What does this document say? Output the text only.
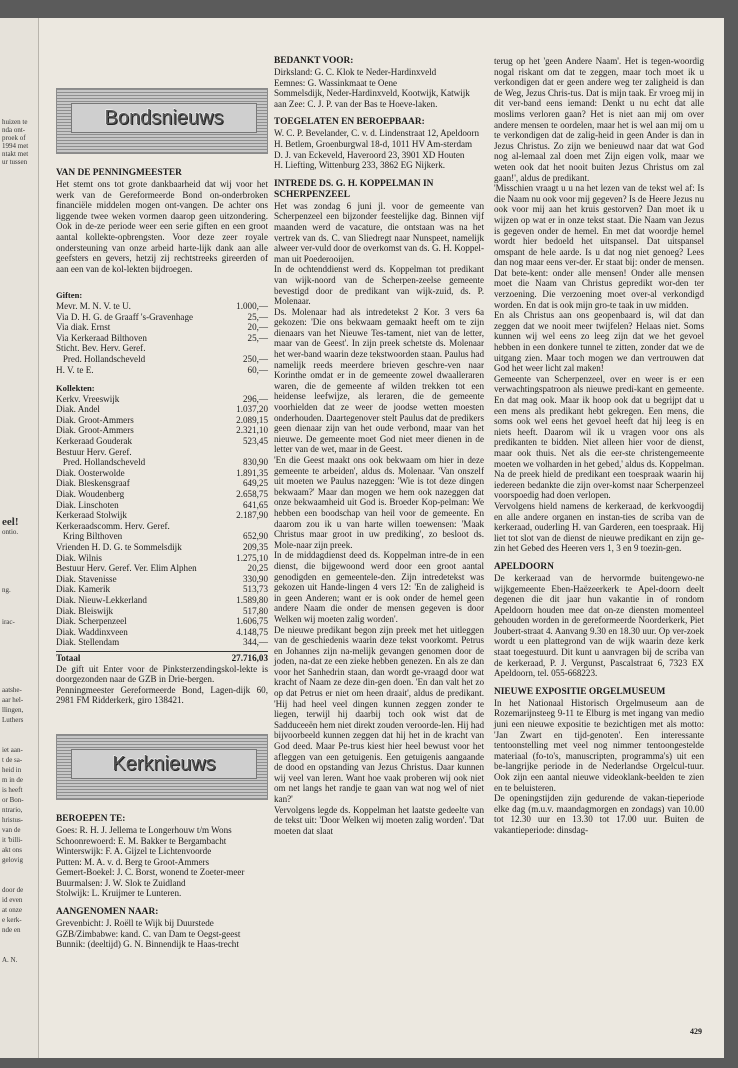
huizen te
nda ont-
proek of
1994 met
ntakt met
ur tussen
eel!
ontio.
ng.
irac-
aatshe-
aar hel-
llingen,
Luthers
iet aan-
t de sa-
heid in
m in de
is heeft
or Bon-
ntrario,
hristus-
van de
it 'billi-
akt ons
gelovig
door de
id even
at onze
e kerk-
nde en
A. N.
Bondsnieuws

VAN DE PENNINGMEESTER

Het stemt ons tot grote dankbaarheid dat wij voor het werk van de Gereformeerde Bond on-onderbroken financiële middelen mogen ont-vangen. De achter ons liggende twee weken vormen daarop geen uitzondering. Ook in de-ze periode weer een serie giften en een groot aantal kollekte-opbrengsten. Voor deze zeer royale ondersteuning van onze arbeid harte-lijk dank aan alle geefsters en gevers, hetzij zij rechtstreeks gireerden of aan een van de kol-lekten bijdroegen.

Giften:

Mevr. M. N. V. te U.	1.000,—
Via D. H. G. de Graaff 's-Gravenhage	25,—
Via diak. Ernst	20,—
Via Kerkeraad Bilthoven	25,—
Sticht. Bev. Herv. Geref.
Pred. Hollandscheveld	250,—
H. V. te E.	60,—

Kollekten:

Kerkv. Vreeswijk	296,—
Diak. Andel	1.037,20
Diak. Groot-Ammers	2.089,15
Diak. Groot-Ammers	2.321,10
Kerkeraad Gouderak	523,45
Bestuur Herv. Geref.
Pred. Hollandscheveld	830,90
Diak. Oosterwolde	1.891,35
Diak. Bleskensgraaf	649,25
Diak. Woudenberg	2.658,75
Diak. Linschoten	641,65
Kerkeraad Stolwijk	2.187,90
Kerkeraadscomm. Herv. Geref.
Kring Bilthoven	652,90
Vrienden H. D. G. te Sommelsdijk	209,35
Diak. Wilnis	1.275,10
Bestuur Herv. Geref. Ver. Elim Alphen	20,25
Diak. Stavenisse	330,90
Diak. Kamerik	513,73
Diak. Nieuw-Lekkerland	1.589,80
Diak. Bleiswijk	517,80
Diak. Scherpenzeel	1.606,75
Diak. Waddinxveen	4.148,75
Diak. Stellendam	344,—
Totaal	27.716,03

De gift uit Enter voor de Pinksterzendingskol-lekte is doorgezonden naar de GZB in Drie-bergen.

Penningmeester Gereformeerde Bond, Lagen-dijk 60, 2981 FM Ridderkerk, giro 138421.

Kerknieuws

BEROEPEN TE:

Goes: R. H. J. Jellema te Longerhouw t/m Wons
Schoonrewoerd: E. M. Bakker te Bergambacht
Winterswijk: F. A. Gijzel te Lichtenvoorde
Putten: M. A. v. d. Berg te Groot-Ammers
Gemert-Boekel: J. C. Borst, wonend te Zoeter-meer
Buurmalsen: J. W. Slok te Zuidland
Stolwijk: L. Kruijmer te Lunteren.

AANGENOMEN NAAR:

Grevenbicht: J. Roëll te Wijk bij Duurstede
GZB/Zimbabwe: kand. C. van Dam te Oegst-geest
Bunnik: (deeltijd) G. N. Binnendijk te Haas-trecht

BEDANKT VOOR:

Dirksland: G. C. Klok te Neder-Hardinxveld
Eemnes: G. Wassinkmaat te Oene
Sommelsdijk, Neder-Hardinxveld, Kootwijk, Katwijk aan Zee: C. J. P. van der Bas te Hoeve-laken.

TOEGELATEN EN BEROEPBAAR:

W. C. P. Bevelander, C. v. d. Lindenstraat 12, Apeldoorn
H. Betlem, Groenburgwal 18-d, 1011 HV Am-sterdam
D. J. van Eckeveld, Haveroord 23, 3901 XD Houten
H. Liefting, Wittenburg 233, 3862 EG Nijkerk.

INTREDE DS. G. H. KOPPELMAN IN SCHERPENZEEL

Het was zondag 6 juni jl. voor de gemeente van Scherpenzeel een bijzonder feestelijke dag. Binnen vijf maanden werd de vacature, die ontstaan was na het vertrek van ds. C. van Sliedregt naar Nunspeet, namelijk alweer ver-vuld door de overkomst van ds. G. H. Koppel-man uit Poederooijen.

In de ochtenddienst werd ds. Koppelman tot predikant van wijk-noord van de Scherpen-zeelse gemeente bevestigd door de predikant van wijk-zuid, ds. P. Molenaar.

Ds. Molenaar had als intredetekst 2 Kor. 3 vers 6a gekozen: 'Die ons bekwaam gemaakt heeft om te zijn dienaars van het Nieuwe Tes-tament, niet van de letter, maar van de Geest'. In zijn preek schetste ds. Molenaar het wer-band waarin deze tekstwoorden staan. Paulus had namelijk reeds meerdere brieven geschre-ven naar Korinthe omdat er in de gemeente zowel dwaalleraren waren, die de gemeente af wilden trekken tot een heidense leefwijze, als leraren, die de gemeente voorhielden dat ze weer de joodse wetten moesten onderhouden. Daartegenover stelt Paulus dat de predikers geen dienaar zijn van het oude verbond, maar van het nieuwe. De gemeente moet God niet meer dienen in de letter van de wet, maar in de Geest.

'En die Geest maakt ons ook bekwaam om hier in deze gemeente te arbeiden', aldus ds. Molenaar. 'Van onszelf uit moeten we Paulus nazeggen: 'Wie is tot deze dingen bekwaam?' Maar dan mogen we hem ook nazeggen dat onze bekwaamheid uit God is. Broeder Kop-pelman: We hebben een boodschap van heil voor de gemeente. En daarom zou ik u van harte willen toewensen: 'Maak Christus maar groot in uw prediking', zo besloot ds. Mole-naar zijn preek.

In de middagdienst deed ds. Koppelman intre-de in een dienst, die bijgewoond werd door een groot aantal genodigden en gemeentele-den. Zijn intredetekst was gekozen uit Hande-lingen 4 vers 12: 'En de zaligheid is in geen Anderen; want er is ook onder de hemel geen andere Naam die onder de mensen gegeven is door Welken wij moeten zalig worden'.

De nieuwe predikant begon zijn preek met het uitleggen van de geschiedenis waarin deze tekst voorkomt. Petrus en Johannes zijn na-melijk gevangen genomen door de joden, na-dat ze een zieke hebben genezen. En als ze dan voor het Sanhedrin staan, dan wordt ge-vraagd door wat kracht of Naam ze deze din-gen doen. 'En dan valt het zo op dat Petrus er niet om heen draait', aldus de predikant. 'Hij had heel veel dingen kunnen zeggen zonder te liegen, terwijl hij daarbij toch ook wist dat de Sadduceeën hem niet direkt zouden veroorde-len. Hij had bijvoorbeeld kunnen zeggen dat hij het in de kracht van God deed. Maar Pe-trus kiest hier heel bewust voor het afleggen van een getuigenis. Een getuigenis aangaande de dood en opstanding van Jezus Christus. Daar kunnen wij veel van leren. Want hoe vaak proberen wij ook niet om net langs het randje te gaan van wat nog wel of niet kan?'

Vervolgens legde ds. Koppelman het laatste gedeelte van de tekst uit: 'Door Welken wij moeten zalig worden'. 'Dat moeten dat slaat

terug op het 'geen Andere Naam'. Het is tegen-woordig nogal riskant om dat te zeggen, maar toch moet ik u verkondigen dat er geen andere weg ter zaligheid is dan de Weg, Jezus Chris-tus. Dat is mijn taak. Er vroeg mij in dit ver-band eens iemand: Denkt u nu echt dat alle moslims verloren gaan? Het is niet aan mij om over andere mensen te oordelen, maar het is wel aan mij om u te verkondigen dat de zalig-heid in geen Ander is dan in Jezus Christus. Zo zijn we benieuwd naar dat wat God nog al-lemaal zal doen met Zijn eigen volk, maar we weten ook dat het nooit buiten Jezus Christus om zal gaan!', aldus de predikant.

'Misschien vraagt u u na het lezen van de tekst wel af: Is die Naam nu ook voor mij gegeven? Is de Heere Jezus nu ook voor mij aan het kruis gestorven? Dan moet ik u wijzen op wat er in onze tekst staat. Die Naam van Jezus is gegeven onder de hemel. En met dat woordje hemel wordt hier bedoeld het uitspansel. Dat uitspansel omspant de hele aarde. Is u dat nog niet genoeg? Lees dan nog maar eens ver-der. Er staat bij: onder de mensen. Dat bete-kent: onder alle mensen! Onder alle mensen moet die Naam van Christus gepredikt wor-den ter verzoening. Die verzoening moet over-al verkondigd worden. En dat is ook mijn gro-te taak in uw midden.

En als Christus aan ons geopenbaard is, wil dat dan zeggen dat we nooit meer twijfelen? Helaas niet. Soms kunnen wij wel eens zo leeg zijn dat we het gevoel hebben in een donkere tunnel te zitten, zonder dat we de uitgang zien. Maar toch mogen we dan vertrouwen dat God het weer licht zal maken!

Gemeente van Scherpenzeel, over en weer is er een verwachtingspatroon als nieuwe predi-kant en gemeente. En dat mag ook. Maar ik hoop ook dat u begrijpt dat u een mens als predikant hebt gekregen. Een mens, die soms ook wel eens het gevoel heeft dat hij leeg is en niets heeft. Daarom wil ik u vragen voor ons als predikanten te bidden. Niet alleen hier voor de dienst, maar ook thuis. Net als die eer-ste christengemeente moeten we volharden in het gebed,' aldus ds. Koppelman.

Na de preek hield de predikant een toespraak waarin hij iedereen bedankte die zijn over-komst naar Scherpenzeel voorspoedig had doen verlopen.

Vervolgens hield namens de kerkeraad, de kerkvoogdij en alle andere organen en instan-ties de scriba van de kerkeraad, ouderling H. van Garderen, een toespraak. Hij liet tot slot van de dienst de nieuwe predikant en zijn ge-zin het Gebed des Heeren vers 1, 3 en 9 toezin-gen.

APELDOORN

De kerkeraad van de hervormde buitengewo-ne wijkgemeente Eben-Haëzeerkerk te Apel-doorn deelt degenen die dit jaar hun vakantie in of rondom Apeldoorn houden mee dat on-ze diensten momenteel gehouden worden in de gereformeerde Noorderkerk, Piet Joubert-straat 4. Aanvang 9.30 en 18.30 uur. Op ver-zoek wordt u een plattegrond van de wijk waarin deze kerk staat toegestuurd. Dit kunt u aanvragen bij de scriba van de kerkeraad, P. J. Vergunst, Pascalstraat 6, 7323 EX Apeldoorn, tel. 055-668223.

NIEUWE EXPOSITIE ORGELMUSEUM

In het Nationaal Historisch Orgelmuseum aan de Rozemarijnsteeg 9-11 te Elburg is met ingang van medio juni een nieuwe expositie te bezichtigen met als motto: 'Jan Zwart en tijd-genoten'. Een interessante tentoonstelling met veel nog nimmer tentoongestelde materiaal (fo-to's, manuscripten, programma's) uit een be-langrijke periode in de Nederlandse Orgelcul-tuur. Ook zijn een aantal nieuwe videoklank-beelden te zien en te beluisteren.
De openingstijden zijn gedurende de vakan-tieperiode elke dag (m.u.v. maandagmorgen en zondags) van 10.00 tot 12.30 uur en 13.30 tot 17.00 uur. Buiten de vakantieperiode: dinsdag-

429
